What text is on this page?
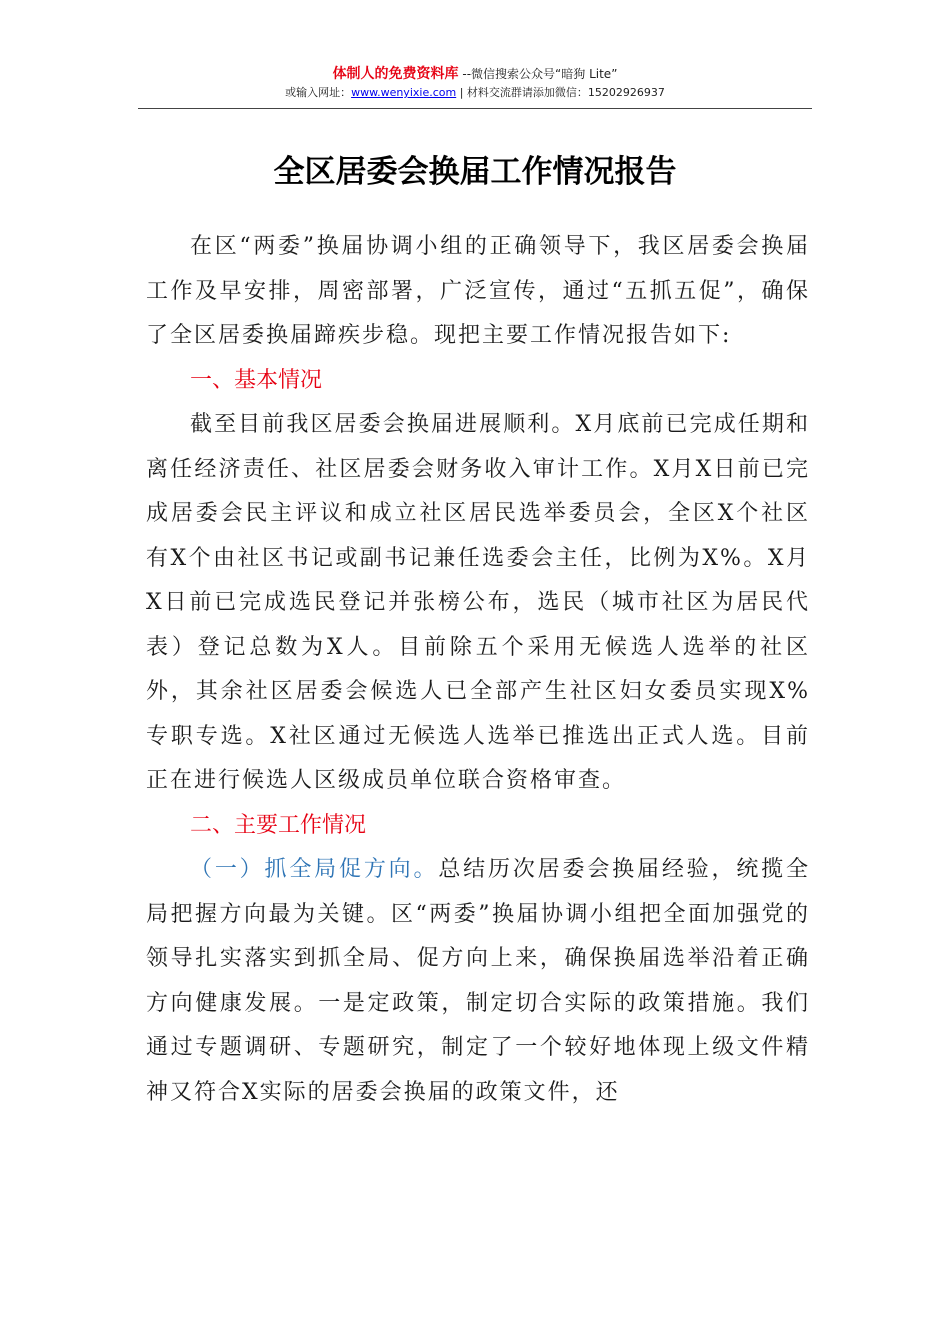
体制人的免费资料库 --微信搜索公众号“暗狗 Lite”
或输入网址：www.wenyixie.com | 材料交流群请添加微信：15202926937
全区居委会换届工作情况报告

在区“两委”换届协调小组的正确领导下，我区居委会换届工作及早安排，周密部署，广泛宣传，通过“五抓五促”，确保了全区居委换届蹄疾步稳。现把主要工作情况报告如下:

一、基本情况

截至目前我区居委会换届进展顺利。X月底前已完成任期和离任经济责任、社区居委会财务收入审计工作。X月X日前已完成居委会民主评议和成立社区居民选举委员会，全区X个社区有X个由社区书记或副书记兼任选委会主任，比例为X%。X月X日前已完成选民登记并张榜公布，选民（城市社区为居民代表）登记总数为X人。目前除五个采用无候选人选举的社区外，其余社区居委会候选人已全部产生社区妇女委员实现X%专职专选。X社区通过无候选人选举已推选出正式人选。目前正在进行候选人区级成员单位联合资格审查。

二、主要工作情况

（一）抓全局促方向。总结历次居委会换届经验，统揽全局把握方向最为关键。区“两委”换届协调小组把全面加强党的领导扎实落实到抓全局、促方向上来，确保换届选举沿着正确方向健康发展。一是定政策，制定切合实际的政策措施。我们通过专题调研、专题研究，制定了一个较好地体现上级文件精神又符合X实际的居委会换届的政策文件，还
